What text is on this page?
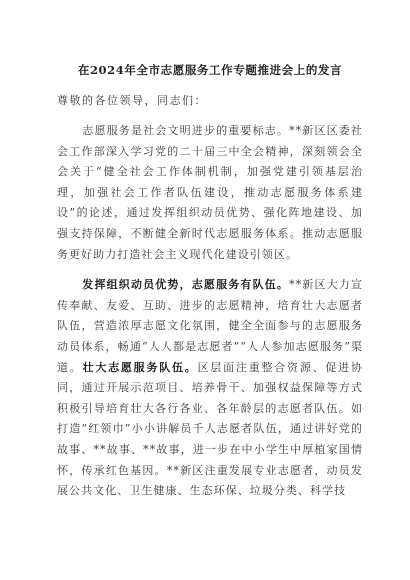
在2024年全市志愿服务工作专题推进会上的发言
尊敬的各位领导，同志们：

志愿服务是社会文明进步的重要标志。**新区区委社会工作部深入学习党的二十届三中全会精神，深刻领会全会关于“健全社会工作体制机制，加强党建引领基层治理，加强社会工作者队伍建设，推动志愿服务体系建设”的论述，通过发挥组织动员优势、强化阵地建设、加强支持保障，不断健全新时代志愿服务体系。推动志愿服务更好助力打造社会主义现代化建设引领区。

发挥组织动员优势，志愿服务有队伍。**新区大力宣传奉献、友爱、互助、进步的志愿精神，培育壮大志愿者队伍，营造浓厚志愿文化氛围，健全全面参与的志愿服务动员体系，畅通“人人都是志愿者”“人人参加志愿服务”渠道。壮大志愿服务队伍。区层面注重整合资源、促进协同，通过开展示范项目、培养骨干、加强权益保障等方式积极引导培育壮大各行各业、各年龄层的志愿者队伍。如打造“红领巾”小小讲解员千人志愿者队伍，通过讲好党的故事、**故事、**故事，进一步在中小学生中厚植家国情怀，传承红色基因。**新区注重发展专业志愿者，动员发展公共文化、卫生健康、生态环保、垃圾分类、科学技
